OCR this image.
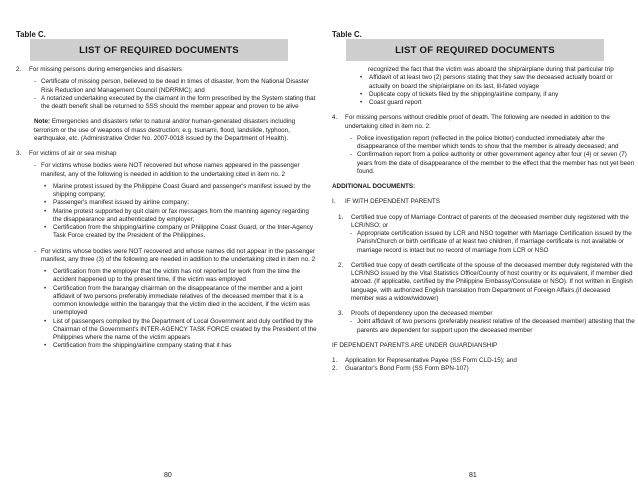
Table C.
LIST OF REQUIRED DOCUMENTS
2.	For missing persons during emergencies and disasters
- Certificate of missing person, believed to be dead in times of disaster, from the National Disaster Risk Reduction and Management Council (NDRRMC); and
- A notarized undertaking executed by the claimant in the form prescribed by the System stating that the death benefit shall be returned to SSS should the member appear and proven to be alive
Note: Emergencies and disasters refer to natural and/or human-generated disasters including terrorism or the use of weapons of mass destruction; e.g. tsunami, flood, landslide, typhoon, earthquake, etc. (Administrative Order No. 2007-0018 issued by the Department of Health).
3.	For victims of air or sea mishap
- For victims whose bodies were NOT recovered but whose names appeared in the passenger manifest, any of the following is needed in addition to the undertaking cited in item no. 2
•	Marine protest issued by the Philippine Coast Guard and passenger's manifest issued by the shipping company;
•	Passenger's manifest issued by airline company;
•	Marine protest supported by quit claim or fax messages from the manning agency regarding the disappearance and authenticated by employer;
•	Certification from the shipping/airline company or Philippine Coast Guard, or the Inter-Agency Task Force created by the President of the Philippines.
- For victims whose bodies were NOT recovered and whose names did not appear in the passenger manifest, any three (3) of the following are needed in addition to the undertaking cited in item no. 2
•	Certification from the employer that the victim has not reported for work from the time the accident happened up to the present time, if the victim was employed
•	Certification from the barangay chairman on the disappearance of the member and a joint affidavit of two persons preferably immediate relatives of the deceased member that it is a common knowledge within the barangay that the victim died in the accident, if the victim was unemployed
•	List of passengers compiled by the Department of Local Government and duly certified by the Chairman of the Government's INTER-AGENCY TASK FORCE created by the President of the Philippines where the name of the victim appears
•	Certification from the shipping/airline company stating that it has
80
Table C.
LIST OF REQUIRED DOCUMENTS
recognized the fact that the victim was aboard the ship/airplane during that particular trip
•	Affidavit of at least two (2) persons stating that they saw the deceased actually board or actually on board the ship/airplane on its last, ill-fated voyage
•	Duplicate copy of tickets filed by the shipping/airline company, if any
•	Coast guard report
4.	For missing persons without credible proof of death. The following are needed in addition to the undertaking cited in item no. 2:
- Police investigation report (reflected in the police blotter) conducted immediately after the disappearance of the member which tends to show that the member is already deceased; and
- Confirmation report from a police authority or other government agency after four (4) or seven (7) years from the date of disappearance of the member to the effect that the member has not yet been found.
ADDITIONAL DOCUMENTS:
I.	IF WITH DEPENDENT PARENTS
1.	Certified true copy of Marriage Contract of parents of the deceased member duly registered with the LCR/NSO; or
- Appropriate certification issued by LCR and NSO together with Marriage Certification issued by the Parish/Church or birth certificate of at least two children, if marriage certificate is not available or marriage record is intact but no record of marriage from LCR or NSO
2.	Certified true copy of death certificate of the spouse of the deceased member duly registered with the LCR/NSO issued by the Vital Statistics Office/County of host country or its equivalent, if member died abroad. (If applicable, certified by the Philippine Embassy/Consulate or NSO). If not written in English language, with authorized English translation from Department of Foreign Affairs.(if deceased member was a widow/widower)
3.	Proofs of dependency upon the deceased member
- Joint affidavit of two persons (preferably nearest relative of the deceased member) attesting that the parents are dependent for support upon the deceased member
IF DEPENDENT PARENTS ARE UNDER GUARDIANSHIP
1.	Application for Representative Payee (SS Form CLD-15); and
2.	Guarantor's Bond Form (SS Form BPN-107)
81
